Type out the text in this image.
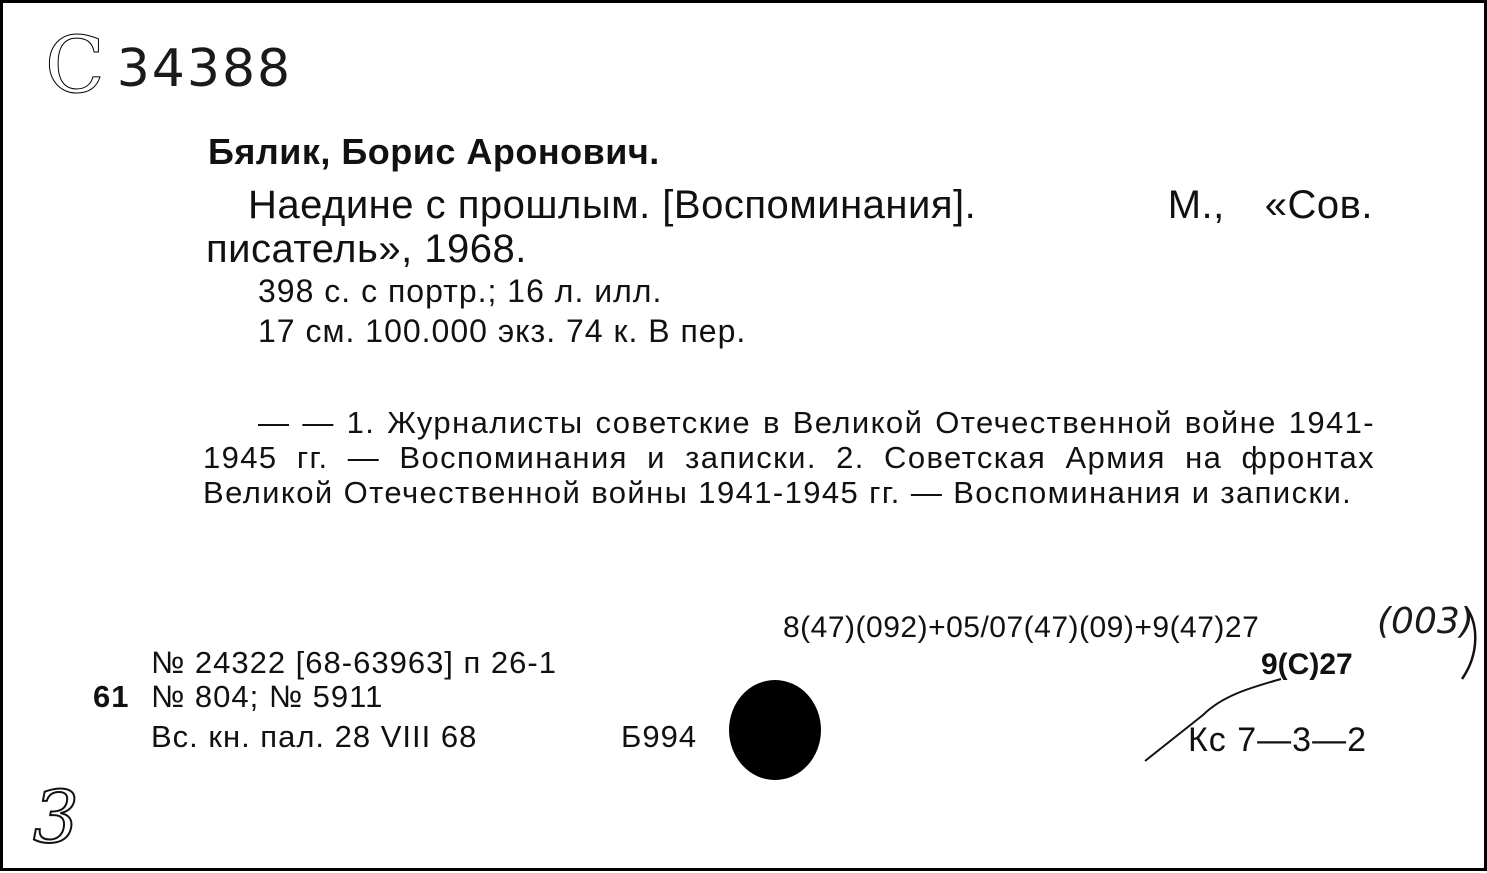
С 34388
Бялик, Борис Аронович.
Наедине с прошлым. [Воспоминания].	М., «Сов.
писатель», 1968.
398 с. с портр.; 16 л. илл.
17 см. 100.000 экз. 74 к. В пер.
— — 1. Журналисты советские в Великой Отечественной войне 1941-1945 гг. — Воспоминания и записки. 2. Советская Армия на фронтах Великой Отечественной войны 1941-1945 гг. — Воспоминания и записки.
8(47)(092)+05/07(47)(09)+9(47)27	(003)
9(С)27
Кс 7—3—2
№ 24322 [68-63963] п 26-1
61 № 804; № 5911
Вс. кн. пал. 28 VIII 68	Б994
3
